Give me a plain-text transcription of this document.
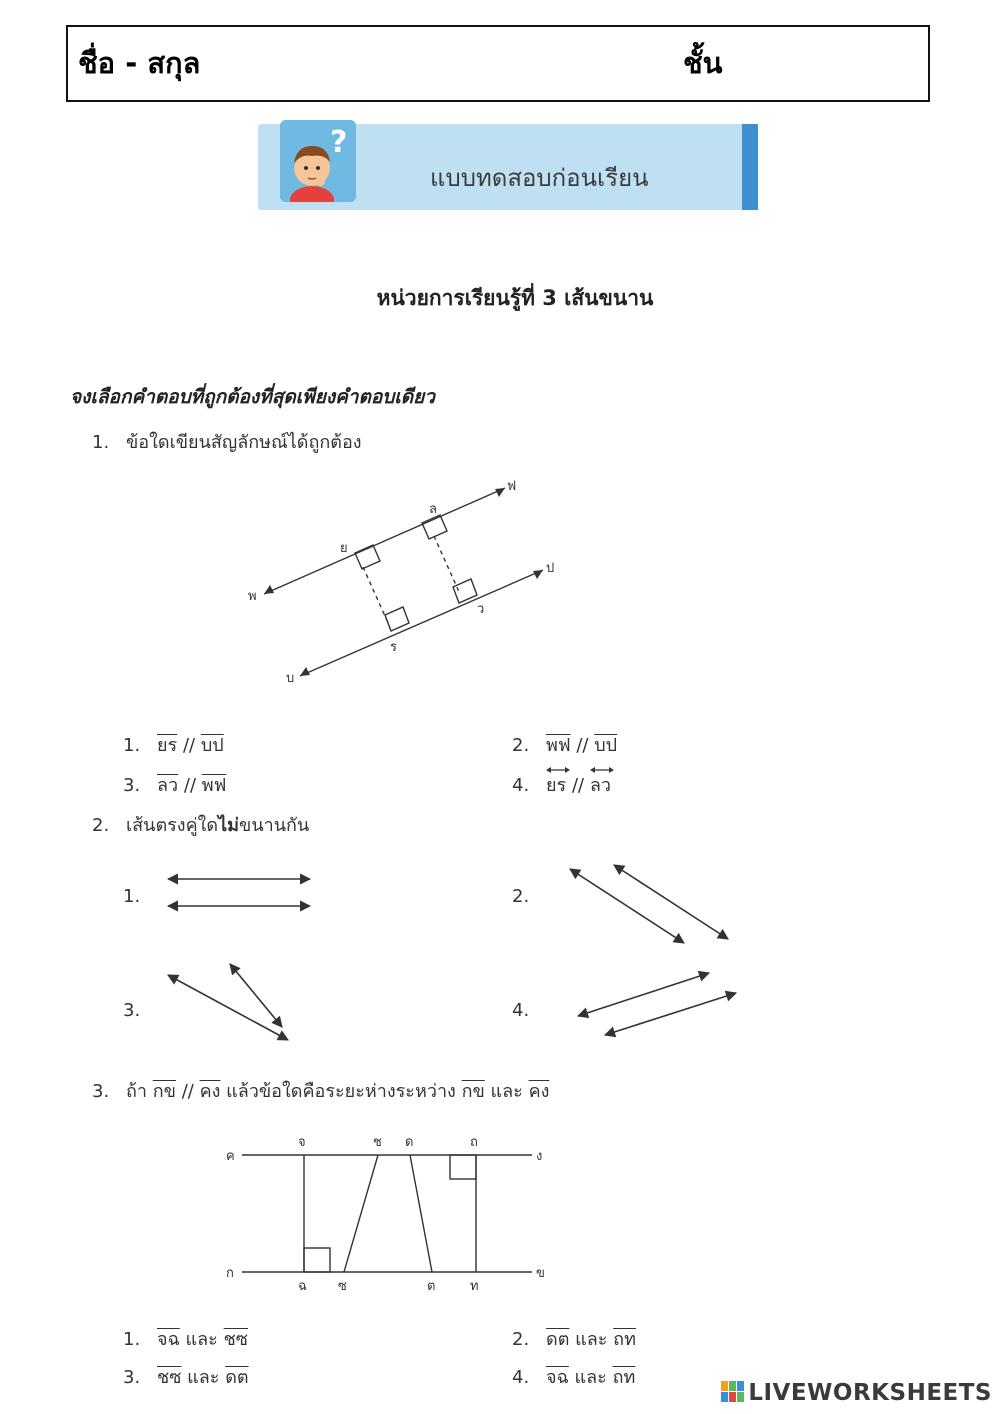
ชื่อ - สกุล	ชั้น
?
แบบทดสอบก่อนเรียน
หน่วยการเรียนรู้ที่ 3 เส้นขนาน
จงเลือกคำตอบที่ถูกต้องที่สุดเพียงคำตอบเดียว
1. ข้อใดเขียนสัญลักษณ์ได้ถูกต้อง
ฟ
ล
ย
ป
พ
ว
ร
บ
1. ยร // บป	2. พฟ // บป
3. ลว // พฟ	4. ยร // ลว
2. เส้นตรงคู่ใดไม่ขนานกัน
1.	2.
3.	4.
3. ถ้า กข // คง แล้วข้อใดคือระยะห่างระหว่าง กข และ คง
ค
จ	ช ด	ถ
ง
ก
ฉ ซ	ต	ท
ข
1. จฉ และ ชซ	2. ดต และ ถท
3. ชซ และ ดต	4. จฉ และ ถท
LIVEWORKSHEETS
